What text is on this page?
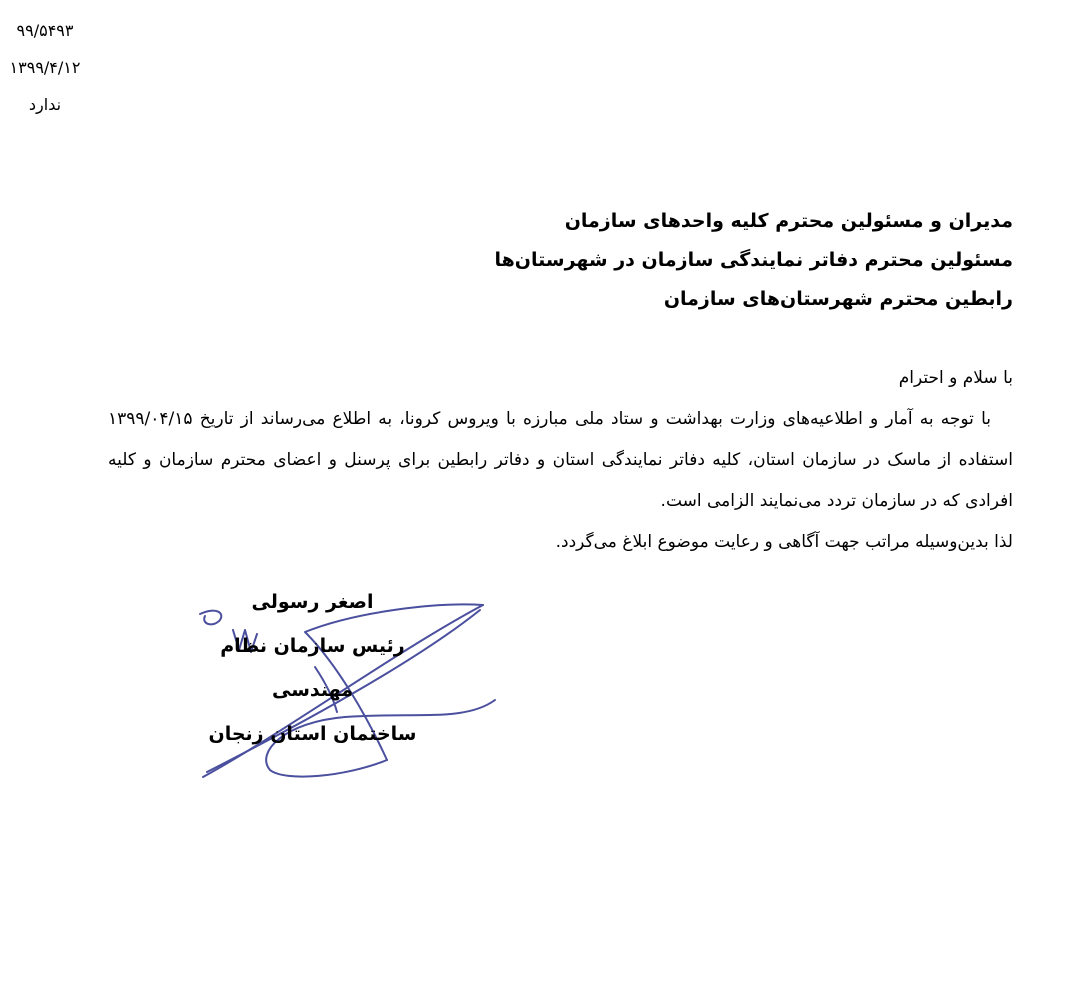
۹۹/۵۴۹۳
۱۳۹۹/۴/۱۲
ندارد
مدیران و مسئولین محترم کلیه واحدهای سازمان
مسئولین محترم دفاتر نمایندگی سازمان در شهرستان‌ها
رابطین محترم شهرستان‌های سازمان

با سلام و احترام

با توجه به آمار و اطلاعیه‌های وزارت بهداشت و ستاد ملی مبارزه با ویروس کرونا، به اطلاع می‌رساند از تاریخ ۱۳۹۹/۰۴/۱۵ استفاده از ماسک در سازمان استان، کلیه دفاتر نمایندگی استان و دفاتر رابطین برای پرسنل و اعضای محترم سازمان و کلیه افرادی که در سازمان تردد می‌نمایند الزامی است.

لذا بدین‌وسیله مراتب جهت آگاهی و رعایت موضوع ابلاغ می‌گردد.

اصغر رسولی
رئیس سازمان نظام مهندسی
ساختمان استان زنجان
